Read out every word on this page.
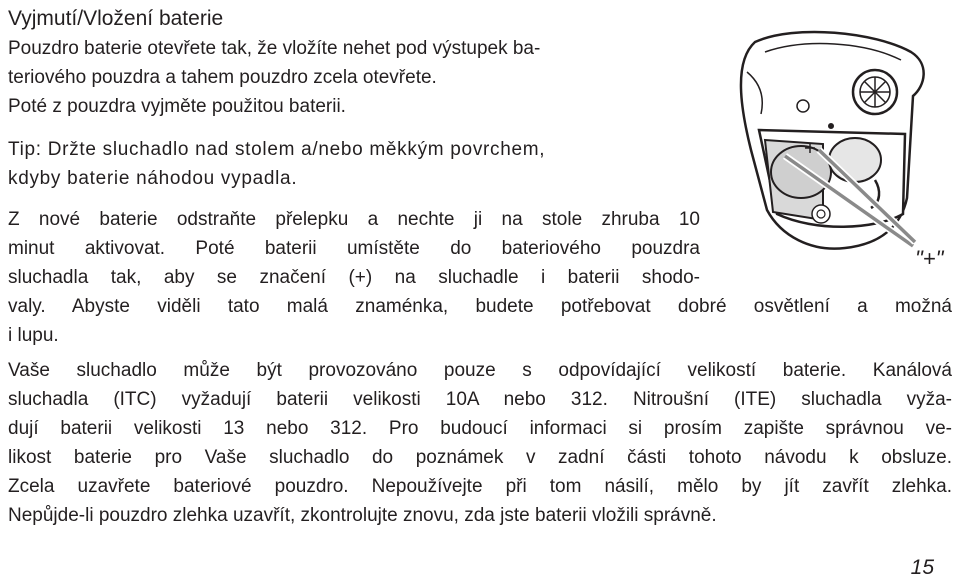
Vyjmutí/Vložení baterie
Pouzdro baterie otevřete tak, že vložíte nehet pod výstupek ba-
teriového pouzdra a tahem pouzdro zcela otevřete.
Poté z pouzdra vyjměte použitou baterii.
Tip: Držte sluchadlo nad stolem a/nebo měkkým povrchem,
kdyby baterie náhodou vypadla.
Z nové baterie odstraňte přelepku a nechte ji na stole zhruba 10
minut aktivovat. Poté baterii umístěte do bateriového pouzdra
sluchadla tak, aby se značení (+) na sluchadle i baterii shodo-
valy. Abyste viděli tato malá znaménka, budete potřebovat dobré osvětlení a možná
i lupu.
Vaše sluchadlo může být provozováno pouze s odpovídající velikostí baterie. Kanálová
sluchadla (ITC) vyžadují baterii velikosti 10A nebo 312. Nitroušní (ITE) sluchadla vyža-
dují baterii velikosti 13 nebo 312. Pro budoucí informaci si prosím zapište správnou ve-
likost baterie pro Vaše sluchadlo do poznámek v zadní části tohoto návodu k obsluze.
Zcela uzavřete bateriové pouzdro. Nepoužívejte při tom násilí, mělo by jít zavřít zlehka.
Nepůjde-li pouzdro zlehka uzavřít, zkontrolujte znovu, zda jste baterii vložili správně.
"+"
15
